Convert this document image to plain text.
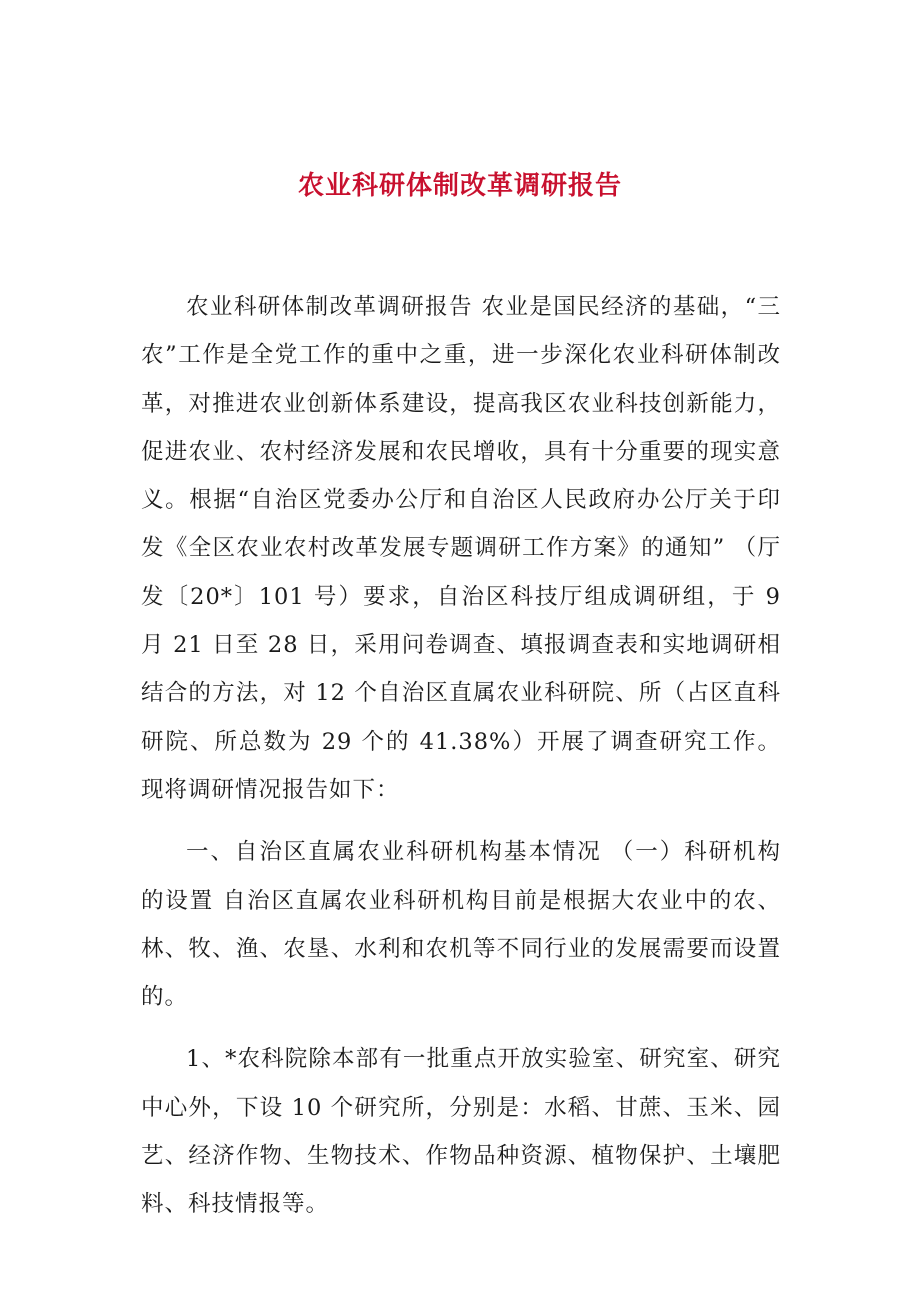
农业科研体制改革调研报告

农业科研体制改革调研报告 农业是国民经济的基础，“三农”工作是全党工作的重中之重，进一步深化农业科研体制改革，对推进农业创新体系建设，提高我区农业科技创新能力，促进农业、农村经济发展和农民增收，具有十分重要的现实意义。根据“自治区党委办公厅和自治区人民政府办公厅关于印发《全区农业农村改革发展专题调研工作方案》的通知” （厅发〔20*〕101 号）要求，自治区科技厅组成调研组，于 9 月 21 日至 28 日，采用问卷调查、填报调查表和实地调研相结合的方法，对 12 个自治区直属农业科研院、所（占区直科研院、所总数为 29 个的 41.38%）开展了调查研究工作。现将调研情况报告如下：

一、自治区直属农业科研机构基本情况 （一）科研机构的设置 自治区直属农业科研机构目前是根据大农业中的农、林、牧、渔、农垦、水利和农机等不同行业的发展需要而设置的。

1、*农科院除本部有一批重点开放实验室、研究室、研究中心外，下设 10 个研究所，分别是：水稻、甘蔗、玉米、园艺、经济作物、生物技术、作物品种资源、植物保护、土壤肥料、科技情报等。
